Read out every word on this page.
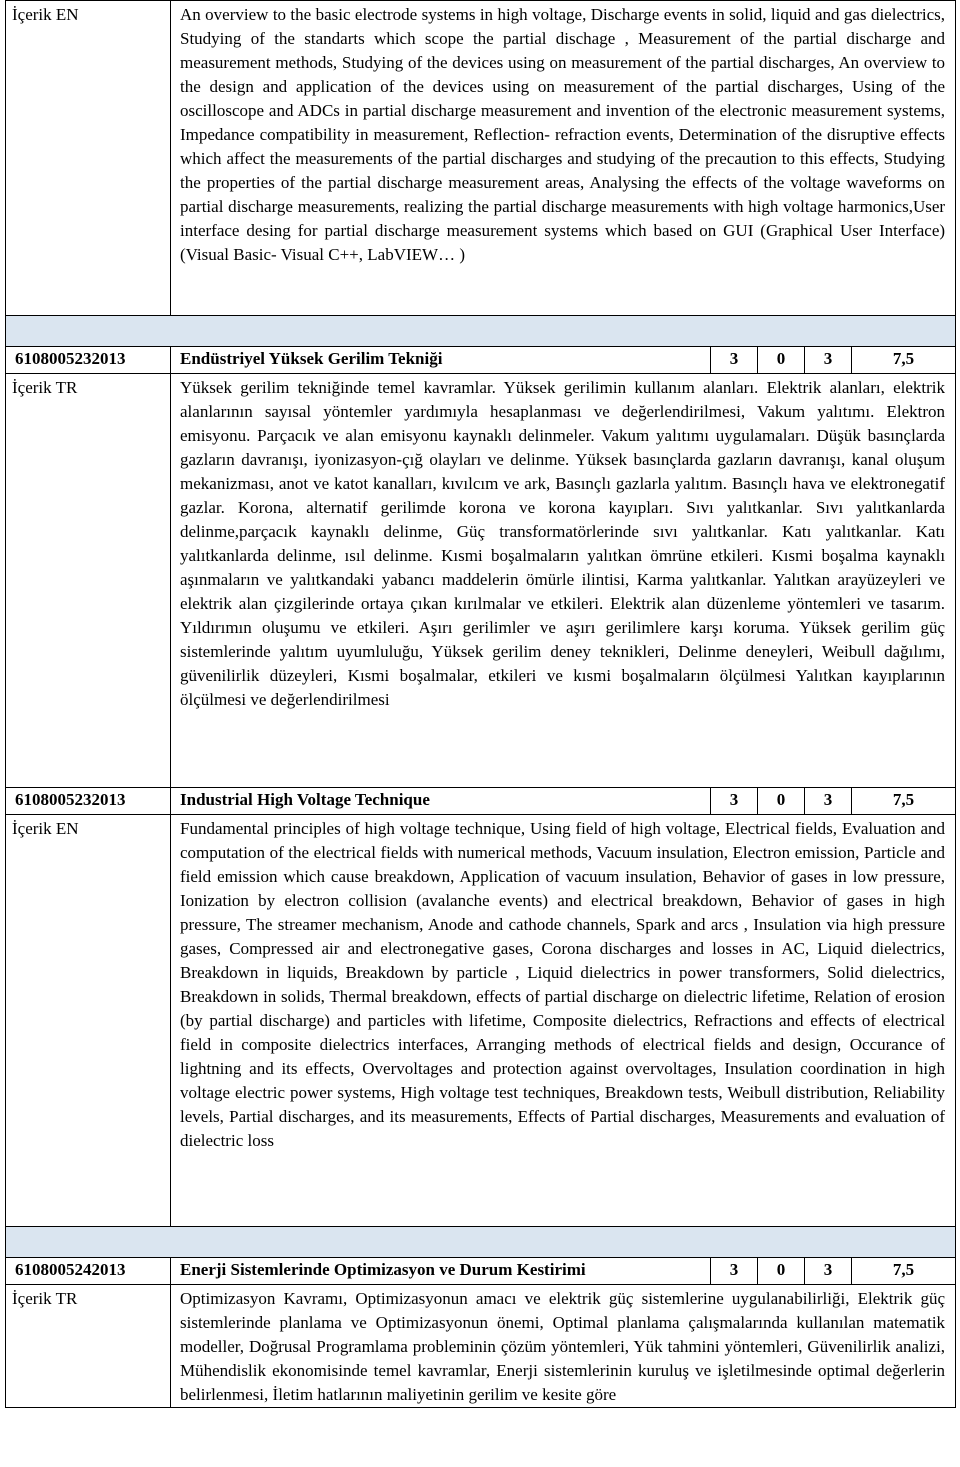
İçerik EN	An overview to the basic electrode systems in high voltage, Discharge events in solid, liquid and gas dielectrics, Studying of the standarts which scope the partial dischage , Measurement of the partial discharge and measurement methods, Studying of the devices using on measurement of the partial discharges, An overview to the design and application of the devices using on measurement of the partial discharges, Using of the oscilloscope and ADCs in partial discharge measurement and invention of the electronic measurement systems, Impedance compatibility in measurement, Reflection- refraction events, Determination of the disruptive effects which affect the measurements of the partial discharges and studying of the precaution to this effects, Studying the properties of the partial discharge measurement areas, Analysing the effects of the voltage waveforms on partial discharge measurements, realizing the partial discharge measurements with high voltage harmonics,User interface desing for partial discharge measurement systems which based on GUI (Graphical User Interface) (Visual Basic- Visual C++, LabVIEW… )				

6108005232013	Endüstriyel Yüksek Gerilim Tekniği	3	0	3	7,5
İçerik TR	Yüksek gerilim tekniğinde temel kavramlar. Yüksek gerilimin kullanım alanları. Elektrik alanları, elektrik alanlarının sayısal yöntemler yardımıyla hesaplanması ve değerlendirilmesi, Vakum yalıtımı. Elektron emisyonu. Parçacık ve alan emisyonu kaynaklı delinmeler. Vakum yalıtımı uygulamaları. Düşük basınçlarda gazların davranışı, iyonizasyon-çığ olayları ve delinme. Yüksek basınçlarda gazların davranışı, kanal oluşum mekanizması, anot ve katot kanalları, kıvılcım ve ark, Basınçlı gazlarla yalıtım. Basınçlı hava ve elektronegatif gazlar. Korona, alternatif gerilimde korona ve korona kayıpları. Sıvı yalıtkanlar. Sıvı yalıtkanlarda delinme,parçacık kaynaklı delinme, Güç transformatörlerinde sıvı yalıtkanlar. Katı yalıtkanlar. Katı yalıtkanlarda delinme, ısıl delinme. Kısmi boşalmaların yalıtkan ömrüne etkileri. Kısmi boşalma kaynaklı aşınmaların ve yalıtkandaki yabancı maddelerin ömürle ilintisi, Karma yalıtkanlar. Yalıtkan arayüzeyleri ve elektrik alan çizgilerinde ortaya çıkan kırılmalar ve etkileri. Elektrik alan düzenleme yöntemleri ve tasarım. Yıldırımın oluşumu ve etkileri. Aşırı gerilimler ve aşırı gerilimlere karşı koruma. Yüksek gerilim güç sistemlerinde yalıtım uyumluluğu, Yüksek gerilim deney teknikleri, Delinme deneyleri, Weibull dağılımı, güvenilirlik düzeyleri, Kısmi boşalmalar, etkileri ve kısmi boşalmaların ölçülmesi Yalıtkan kayıplarının ölçülmesi ve değerlendirilmesi				
6108005232013	Industrial High Voltage Technique	3	0	3	7,5
İçerik EN	Fundamental principles of high voltage technique, Using field of high voltage, Electrical fields, Evaluation and computation of the electrical fields with numerical methods, Vacuum insulation, Electron emission, Particle and field emission which cause breakdown, Application of vacuum insulation, Behavior of gases in low pressure, Ionization by electron collision (avalanche events) and electrical breakdown, Behavior of gases in high pressure, The streamer mechanism, Anode and cathode channels, Spark and arcs , Insulation via high pressure gases, Compressed air and electronegative gases, Corona discharges and losses in AC, Liquid dielectrics, Breakdown in liquids, Breakdown by particle , Liquid dielectrics in power transformers, Solid dielectrics, Breakdown in solids, Thermal breakdown, effects of partial discharge on dielectric lifetime, Relation of erosion (by partial discharge) and particles with lifetime, Composite dielectrics, Refractions and effects of electrical field in composite dielectrics interfaces, Arranging methods of electrical fields and design, Occurance of lightning and its effects, Overvoltages and protection against overvoltages, Insulation coordination in high voltage electric power systems, High voltage test techniques, Breakdown tests, Weibull distribution, Reliability levels, Partial discharges, and its measurements, Effects of Partial discharges, Measurements and evaluation of dielectric loss				

6108005242013	Enerji Sistemlerinde Optimizasyon ve Durum Kestirimi	3	0	3	7,5
İçerik TR	Optimizasyon Kavramı, Optimizasyonun amacı ve elektrik güç sistemlerine uygulanabilirliği, Elektrik güç sistemlerinde planlama ve Optimizasyonun önemi, Optimal planlama çalışmalarında kullanılan matematik modeller, Doğrusal Programlama probleminin çözüm yöntemleri, Yük tahmini yöntemleri, Güvenilirlik analizi, Mühendislik ekonomisinde temel kavramlar, Enerji sistemlerinin kuruluş ve işletilmesinde optimal değerlerin belirlenmesi, İletim hatlarının maliyetinin gerilim ve kesite göre				
